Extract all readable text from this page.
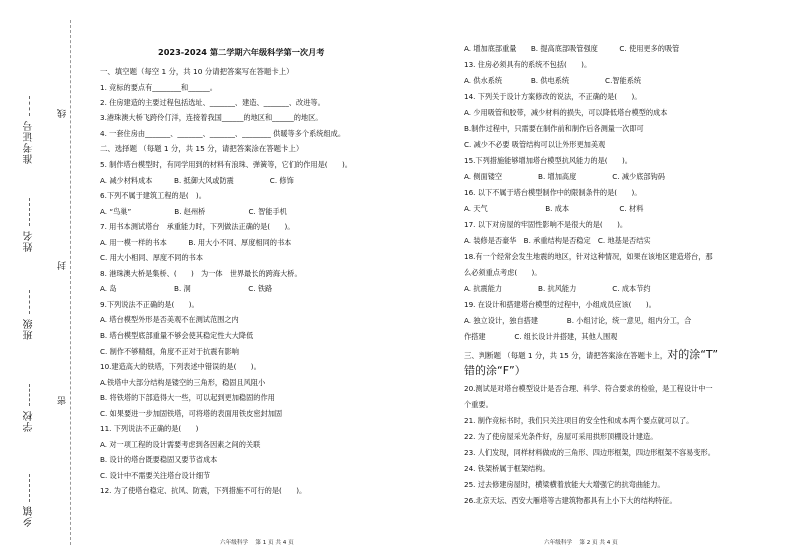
准考证号
姓名
班级
学校
乡镇
线
封
密
2023-2024 第二学期六年级科学第一次月考
一、填空题（每空 1 分，共 10 分请把答案写在答题卡上）
1. 竞标的要点有________和______。
2. 住房建造的主要过程包括选址、_______、建造、_______、改进等。
3.港珠澳大桥飞跨伶仃洋，连接着我国______的地区和______的地区。
4. 一套住房由_______、_______、_______、________ 供暖等多个系统组成。
二、选择题 （每题 1 分，共 15 分，请把答案涂在答题卡上）
5. 制作塔台模型时，有同学用到的材料有浪珠、弹簧等，它们的作用是(　　)。
A. 减少材料成本　　　B. 抵御大风或防震　　　　　C. 修饰
6.下列不属于建筑工程的是(　)。
A. “鸟巢”　　　　　　B. 赵州桥　　　　　　C. 智能手机
7. 用书本测试塔台　承重能力时，下列做法正确的是(　　)。
A. 用一模一样的书本　　　B. 用大小不同、厚度相同的书本
C. 用大小相同、厚度不同的书本
8. 港珠澳大桥是集桥、(　　)　为一体　世界最长的跨海大桥。
A. 岛　　　　　　　　B. 洞　　　　　　　　C. 铁路
9.下列说法不正确的是(　　)。
A. 塔台模型外形是否美观不在测试范围之内
B. 塔台模型底部重量不够会使其稳定性大大降低
C. 制作不够精细，角度不正对于抗震有影响
10.建造高大的铁塔，下列表述中错误的是(　　)。
A.铁塔中大部分结构是镂空的三角形，稳固且风阻小
B. 将铁塔的下部造得大一些，可以起到更加稳固的作用
C. 如果要进一步加固铁塔，可将塔的表面用铁皮密封加固
11. 下列说法不正确的是(　　)
A. 对一项工程的设计需要考虑到各因素之间的关联
B. 设计的塔台既要稳固又要节省成本
C. 设计中不需要关注塔台设计细节
12. 为了使塔台稳定、抗风、防震，下列措施不可行的是(　　)。
六年级科学　 第 1 页 共 4 页
A. 增加底部重量　　B. 提高底部吸管强度　　　C. 使用更多的吸管
13. 住房必须具有的系统不包括(　　)。
A. 供水系统　　　　B. 供电系统　　　　　C.智能系统
14. 下列关于设计方案修改的说法，不正确的是(　　)。
A. 少用吸管和胶带，减少材料的损失，可以降低塔台模型的成本
B.制作过程中，只需要在制作前和制作后各测量一次即可
C. 减少不必要 吸管结构可以让外形更加美观
15.下列措施能够增加塔台模型抗风能力的是(　　)。
A. 侧面镂空　　　　　B. 增加高度　　　　　C. 减少底部钩码
16. 以下不属于塔台模型制作中的限制条件的是(　　)。
A. 天气　　　　　　　　B. 成本　　　　　　　C. 材料
17. 以下对房屋的牢固性影响不是很大的是(　　)。
A. 装修是否豪华　B. 承重结构是否稳定　C. 地基是否结实
18.有一个经常会发生地震的地区，针对这种情况，如果在该地区建造塔台，那
么必须重点考虑(　　)。
A. 抗震能力　　　　　B. 抗风能力　　　　　C. 成本节约
19. 在设计和搭建塔台模型的过程中，小组成员应该(　　)。
A. 独立设计，独自搭建　　　　B. 小组讨论，统一意见，组内分工，合
作搭建　　　　C. 组长设计并搭建，其他人围观
三、判断题 （每题 1 分，共 15 分，请把答案涂在答题卡上，对的涂“T”
错的涂“F”）
20.测试是对塔台模型设计是否合理、科学、符合要求的检验，是工程设计中一
个重要。
21. 制作竞标书时，我们只关注项目的安全性和成本两个要点就可以了。
22. 为了使房屋采光条件好，房屋可采用拱形顶棚设计建造。
23. 人们发现，同样材料做成的三角形、四边形框架，四边形框架不容易变形。
24. 铁架桥属于框架结构。
25. 过去修建房屋时，横梁横着放能大大增强它的抗弯曲能力。
26.北京天坛、西安大雁塔等古建筑物都具有上小下大的结构特征。
六年级科学　 第 2 页 共 4 页
